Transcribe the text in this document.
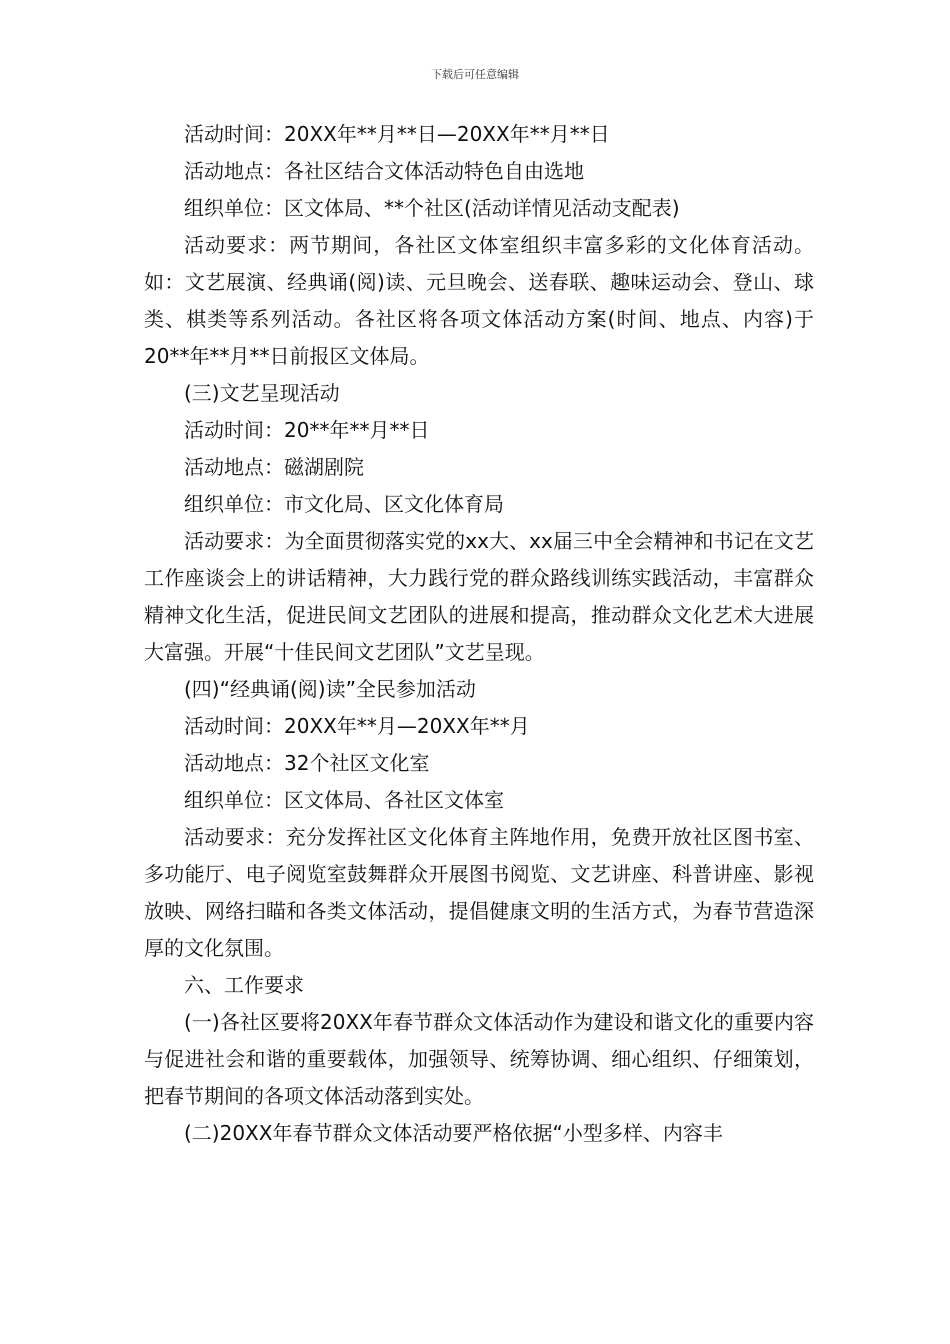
下载后可任意编辑

活动时间：20XX年**月**日—20XX年**月**日

活动地点：各社区结合文体活动特色自由选地

组织单位：区文体局、**个社区(活动详情见活动支配表)

活动要求：两节期间，各社区文体室组织丰富多彩的文化体育活动。如：文艺展演、经典诵(阅)读、元旦晚会、送春联、趣味运动会、登山、球类、棋类等系列活动。各社区将各项文体活动方案(时间、地点、内容)于20**年**月**日前报区文体局。

(三)文艺呈现活动

活动时间：20**年**月**日

活动地点：磁湖剧院

组织单位：市文化局、区文化体育局

活动要求：为全面贯彻落实党的xx大、xx届三中全会精神和书记在文艺工作座谈会上的讲话精神，大力践行党的群众路线训练实践活动，丰富群众精神文化生活，促进民间文艺团队的进展和提高，推动群众文化艺术大进展大富强。开展“十佳民间文艺团队”文艺呈现。

(四)“经典诵(阅)读”全民参加活动

活动时间：20XX年**月—20XX年**月

活动地点：32个社区文化室

组织单位：区文体局、各社区文体室

活动要求：充分发挥社区文化体育主阵地作用，免费开放社区图书室、多功能厅、电子阅览室鼓舞群众开展图书阅览、文艺讲座、科普讲座、影视放映、网络扫瞄和各类文体活动，提倡健康文明的生活方式，为春节营造深厚的文化氛围。

六、工作要求

(一)各社区要将20XX年春节群众文体活动作为建设和谐文化的重要内容与促进社会和谐的重要载体，加强领导、统筹协调、细心组织、仔细策划，把春节期间的各项文体活动落到实处。

(二)20XX年春节群众文体活动要严格依据“小型多样、内容丰
